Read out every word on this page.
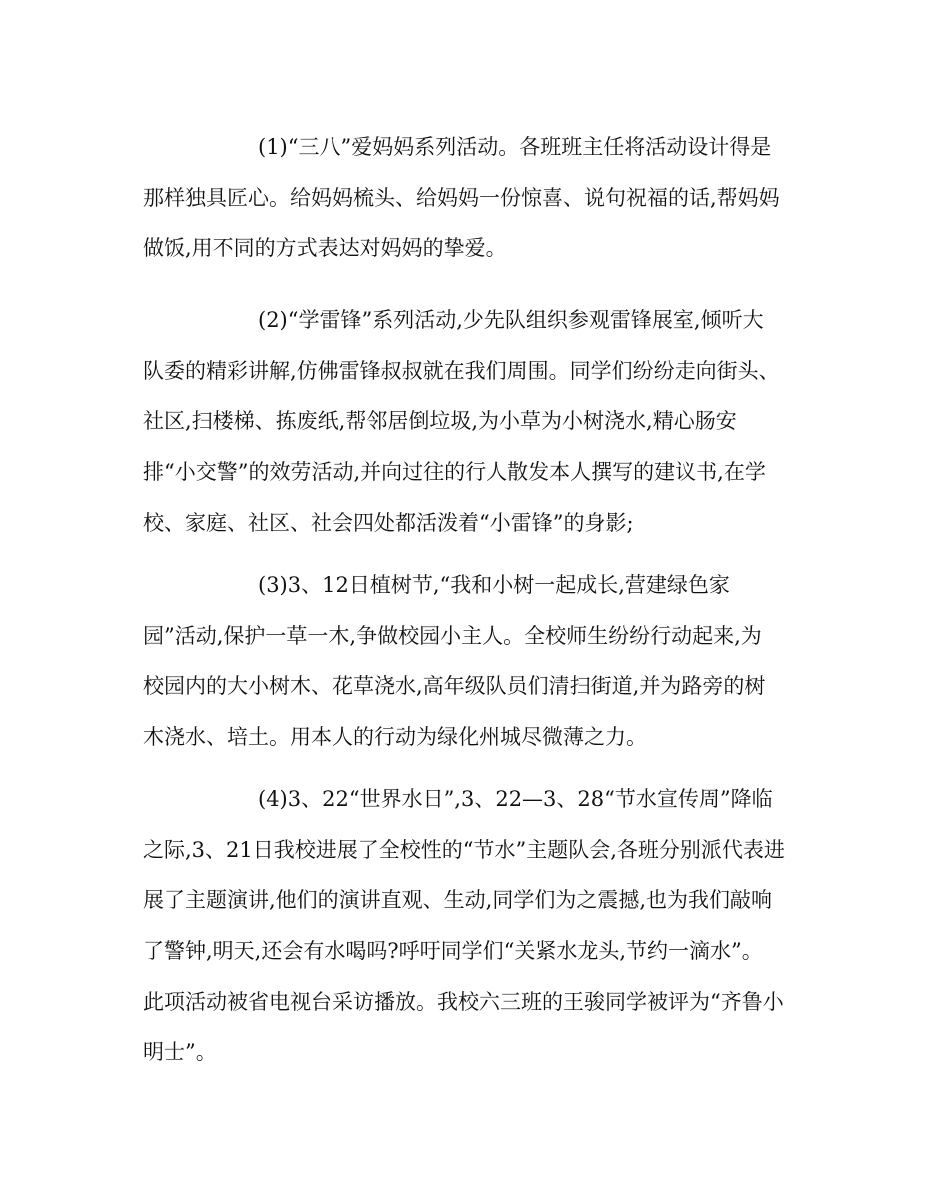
(1)“三八”爱妈妈系列活动。各班班主任将活动设计得是
那样独具匠心。给妈妈梳头、给妈妈一份惊喜、说句祝福的话,帮妈妈
做饭,用不同的方式表达对妈妈的挚爱。
(2)“学雷锋”系列活动,少先队组织参观雷锋展室,倾听大
队委的精彩讲解,仿佛雷锋叔叔就在我们周围。同学们纷纷走向街头、
社区,扫楼梯、拣废纸,帮邻居倒垃圾,为小草为小树浇水,精心肠安
排“小交警”的效劳活动,并向过往的行人散发本人撰写的建议书,在学
校、家庭、社区、社会四处都活泼着“小雷锋”的身影;
(3)3、12日植树节,“我和小树一起成长,营建绿色家
园”活动,保护一草一木,争做校园小主人。全校师生纷纷行动起来,为
校园内的大小树木、花草浇水,高年级队员们清扫街道,并为路旁的树
木浇水、培土。用本人的行动为绿化州城尽微薄之力。
(4)3、22“世界水日”,3、22—3、28“节水宣传周”降临
之际,3、21日我校进展了全校性的“节水”主题队会,各班分别派代表进
展了主题演讲,他们的演讲直观、生动,同学们为之震撼,也为我们敲响
了警钟,明天,还会有水喝吗?呼吁同学们“关紧水龙头,节约一滴水”。
此项活动被省电视台采访播放。我校六三班的王骏同学被评为“齐鲁小
明士”。
